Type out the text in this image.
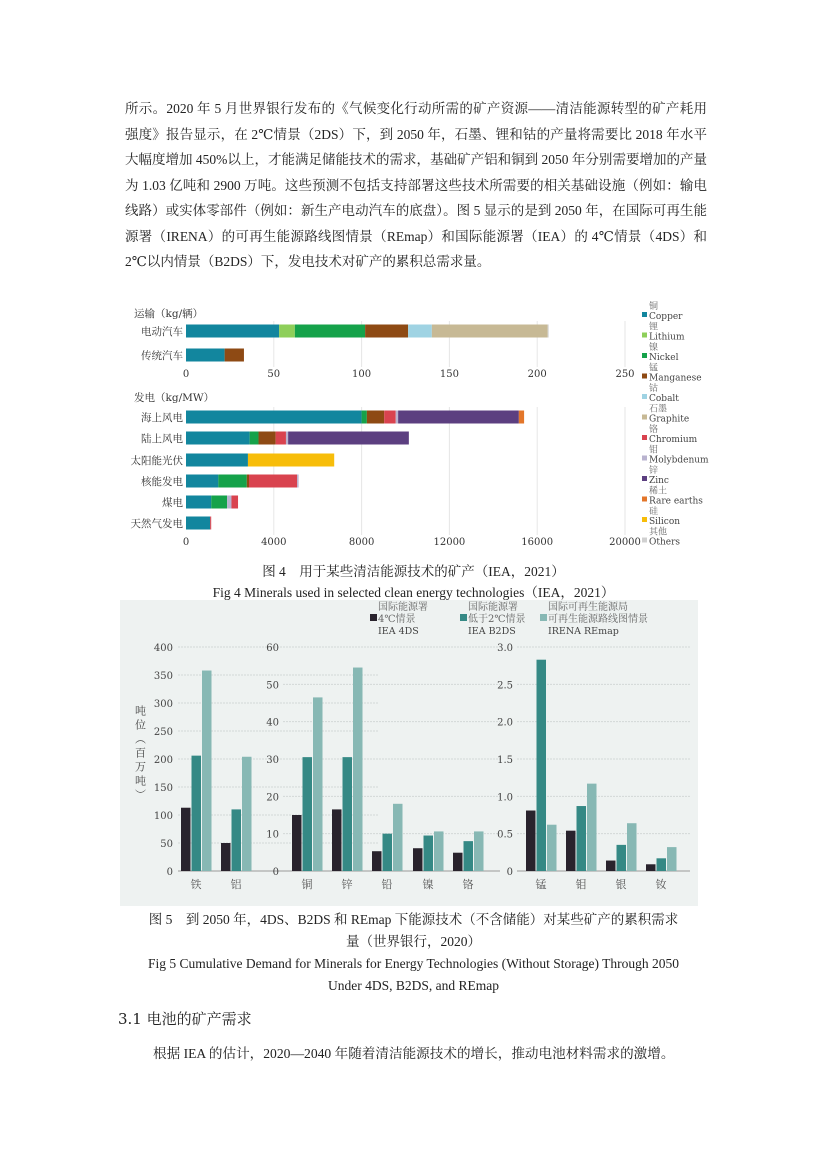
所示。2020 年 5 月世界银行发布的《气候变化行动所需的矿产资源——清洁能源转型的矿产耗用强度》报告显示，在 2℃情景（2DS）下，到 2050 年，石墨、锂和钴的产量将需要比 2018 年水平大幅度增加 450%以上，才能满足储能技术的需求，基础矿产铝和铜到 2050 年分别需要增加的产量为 1.03 亿吨和 2900 万吨。这些预测不包括支持部署这些技术所需要的相关基础设施（例如：输电线路）或实体零部件（例如：新生产电动汽车的底盘）。图 5 显示的是到 2050 年，在国际可再生能源署（IRENA）的可再生能源路线图情景（REmap）和国际能源署（IEA）的 4℃情景（4DS）和 2℃以内情景（B2DS）下，发电技术对矿产的累积总需求量。
0	50	100	150	200	250
运输（kg/辆）
电动汽车
传统汽车
0	4000	8000	12000	16000	20000
发电（kg/MW）
海上风电
陆上风电
太阳能光伏
核能发电
煤电
天然气发电
铜
Copper
锂
Lithium
镍
Nickel
锰
Manganese
钴
Cobalt
石墨
Graphite
铬
Chromium
钼
Molybdenum
锌
Zinc
稀土
Rare earths
硅
Silicon
其他
Others
图 4　用于某些清洁能源技术的矿产（IEA，2021）
Fig 4 Minerals used in selected clean energy technologies（IEA，2021）
0
50
100
150
200
250
300
350
400
铁	铝
0
10
20
30
40
50
60
铜	锌	铅	镍	铬
0
0.5
1.0
1.5
2.0
2.5
3.0
锰	钼	银	钕
吨位（百万吨）
国际能源署
4℃情景
IEA 4DS
国际能源署
低于2℃情景
IEA B2DS
国际可再生能源局
可再生能源路线图情景
IRENA REmap
图 5　到 2050 年，4DS、B2DS 和 REmap 下能源技术（不含储能）对某些矿产的累积需求
量（世界银行，2020）
Fig 5 Cumulative Demand for Minerals for Energy Technologies (Without Storage) Through 2050
Under 4DS, B2DS, and REmap
3.1 电池的矿产需求
根据 IEA 的估计，2020—2040 年随着清洁能源技术的增长，推动电池材料需求的激增。
